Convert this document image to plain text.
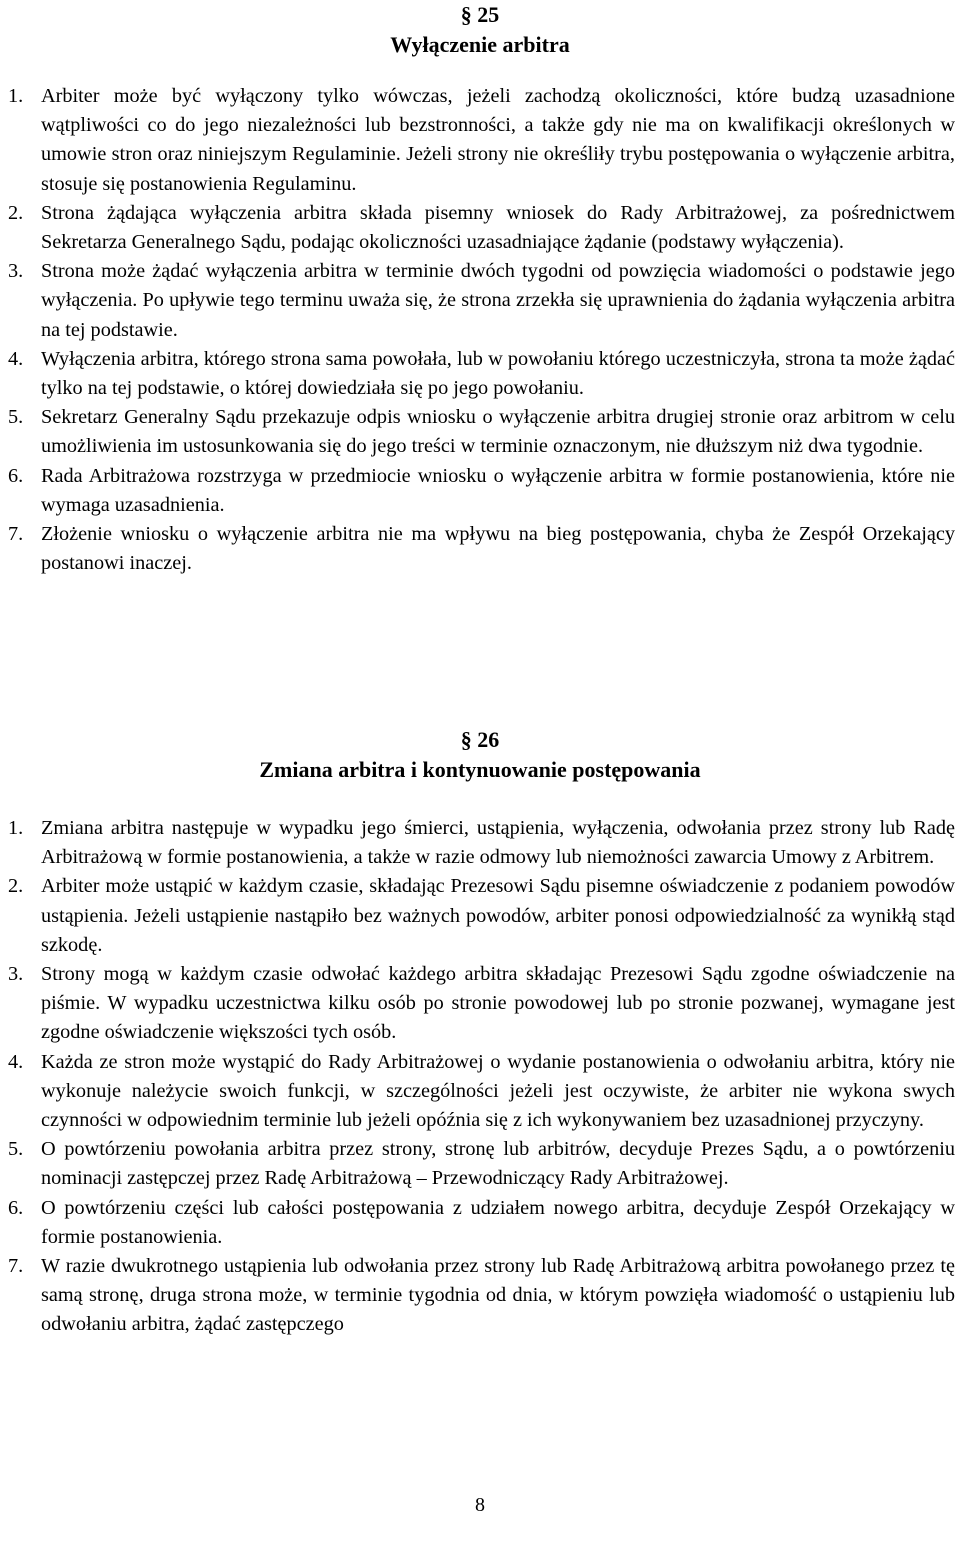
§ 25
Wyłączenie arbitra
1. Arbiter może być wyłączony tylko wówczas, jeżeli zachodzą okoliczności, które budzą uzasadnione wątpliwości co do jego niezależności lub bezstronności, a także gdy nie ma on kwalifikacji określonych w umowie stron oraz niniejszym Regulaminie. Jeżeli strony nie określiły trybu postępowania o wyłączenie arbitra, stosuje się postanowienia Regulaminu.
2. Strona żądająca wyłączenia arbitra składa pisemny wniosek do Rady Arbitrażowej, za pośrednictwem Sekretarza Generalnego Sądu, podając okoliczności uzasadniające żądanie (podstawy wyłączenia).
3. Strona może żądać wyłączenia arbitra w terminie dwóch tygodni od powzięcia wiadomości o podstawie jego wyłączenia. Po upływie tego terminu uważa się, że strona zrzekła się uprawnienia do żądania wyłączenia arbitra na tej podstawie.
4. Wyłączenia arbitra, którego strona sama powołała, lub w powołaniu którego uczestniczyła, strona ta może żądać tylko na tej podstawie, o której dowiedziała się po jego powołaniu.
5. Sekretarz Generalny Sądu przekazuje odpis wniosku o wyłączenie arbitra drugiej stronie oraz arbitrom w celu umożliwienia im ustosunkowania się do jego treści w terminie oznaczonym, nie dłuższym niż dwa tygodnie.
6. Rada Arbitrażowa rozstrzyga w przedmiocie wniosku o wyłączenie arbitra w formie postanowienia, które nie wymaga uzasadnienia.
7. Złożenie wniosku o wyłączenie arbitra nie ma wpływu na bieg postępowania, chyba że Zespół Orzekający postanowi inaczej.
§ 26
Zmiana arbitra i kontynuowanie postępowania
1. Zmiana arbitra następuje w wypadku jego śmierci, ustąpienia, wyłączenia, odwołania przez strony lub Radę Arbitrażową w formie postanowienia, a także w razie odmowy lub niemożności zawarcia Umowy z Arbitrem.
2. Arbiter może ustąpić w każdym czasie, składając Prezesowi Sądu pisemne oświadczenie z podaniem powodów ustąpienia. Jeżeli ustąpienie nastąpiło bez ważnych powodów, arbiter ponosi odpowiedzialność za wynikłą stąd szkodę.
3. Strony mogą w każdym czasie odwołać każdego arbitra składając Prezesowi Sądu zgodne oświadczenie na piśmie. W wypadku uczestnictwa kilku osób po stronie powodowej lub po stronie pozwanej, wymagane jest zgodne oświadczenie większości tych osób.
4. Każda ze stron może wystąpić do Rady Arbitrażowej o wydanie postanowienia o odwołaniu arbitra, który nie wykonuje należycie swoich funkcji, w szczególności jeżeli jest oczywiste, że arbiter nie wykona swych czynności w odpowiednim terminie lub jeżeli opóźnia się z ich wykonywaniem bez uzasadnionej przyczyny.
5. O powtórzeniu powołania arbitra przez strony, stronę lub arbitrów, decyduje Prezes Sądu, a o powtórzeniu nominacji zastępczej przez Radę Arbitrażową – Przewodniczący Rady Arbitrażowej.
6. O powtórzeniu części lub całości postępowania z udziałem nowego arbitra, decyduje Zespół Orzekający w formie postanowienia.
7. W razie dwukrotnego ustąpienia lub odwołania przez strony lub Radę Arbitrażową arbitra powołanego przez tę samą stronę, druga strona może, w terminie tygodnia od dnia, w którym powzięła wiadomość o ustąpieniu lub odwołaniu arbitra, żądać zastępczego
8
